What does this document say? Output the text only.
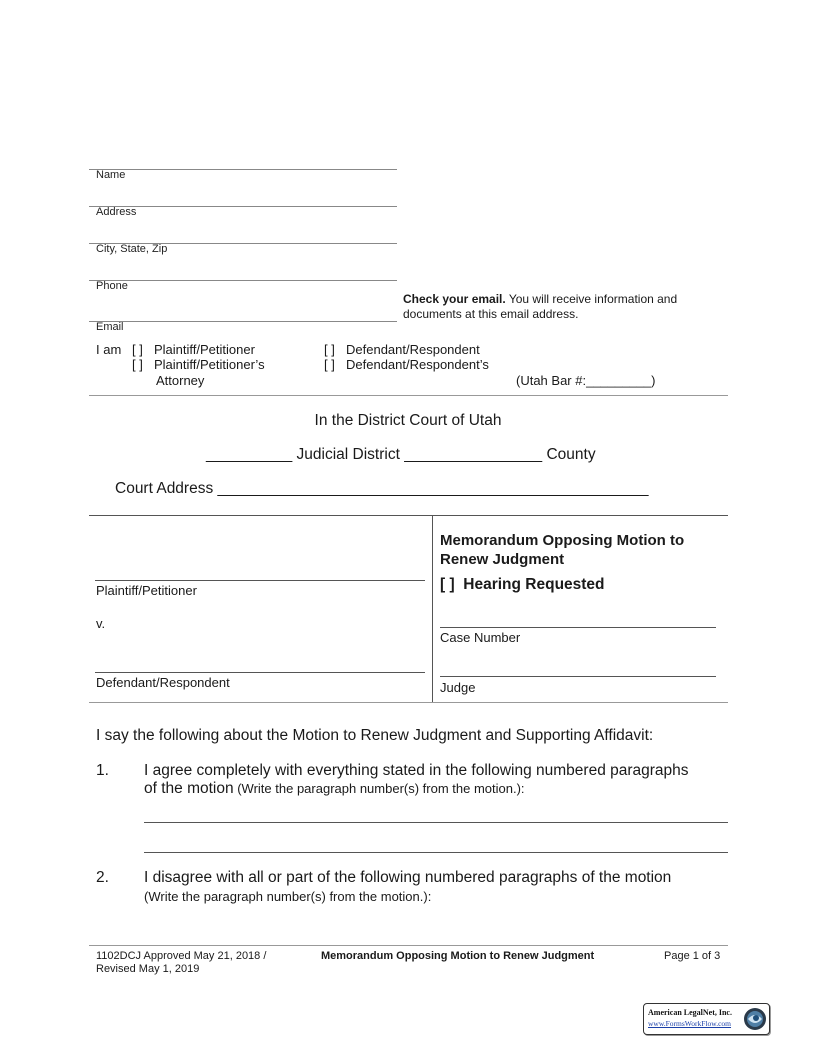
Name
Address
City, State, Zip
Phone
Check your email. You will receive information and
documents at this email address.
Email
I am [ ] Plaintiff/Petitioner	[ ] Defendant/Respondent
[ ] Plaintiff/Petitioner’s
Attorney
[ ] Defendant/Respondent’s
(Utah Bar #:_________)
In the District Court of Utah
__________ Judicial District ________________ County
Court Address __________________________________________________
Plaintiff/Petitioner
v.
Defendant/Respondent
Memorandum Opposing Motion to
Renew Judgment
[ ] Hearing Requested
Case Number
Judge
I say the following about the Motion to Renew Judgment and Supporting Affidavit:
1. I agree completely with everything stated in the following numbered paragraphs
of the motion (Write the paragraph number(s) from the motion.):
2. I disagree with all or part of the following numbered paragraphs of the motion
(Write the paragraph number(s) from the motion.):
1102DCJ Approved May 21, 2018 /
Revised May 1, 2019
Memorandum Opposing Motion to Renew Judgment	Page 1 of 3
American LegalNet, Inc.
www.FormsWorkFlow.com
